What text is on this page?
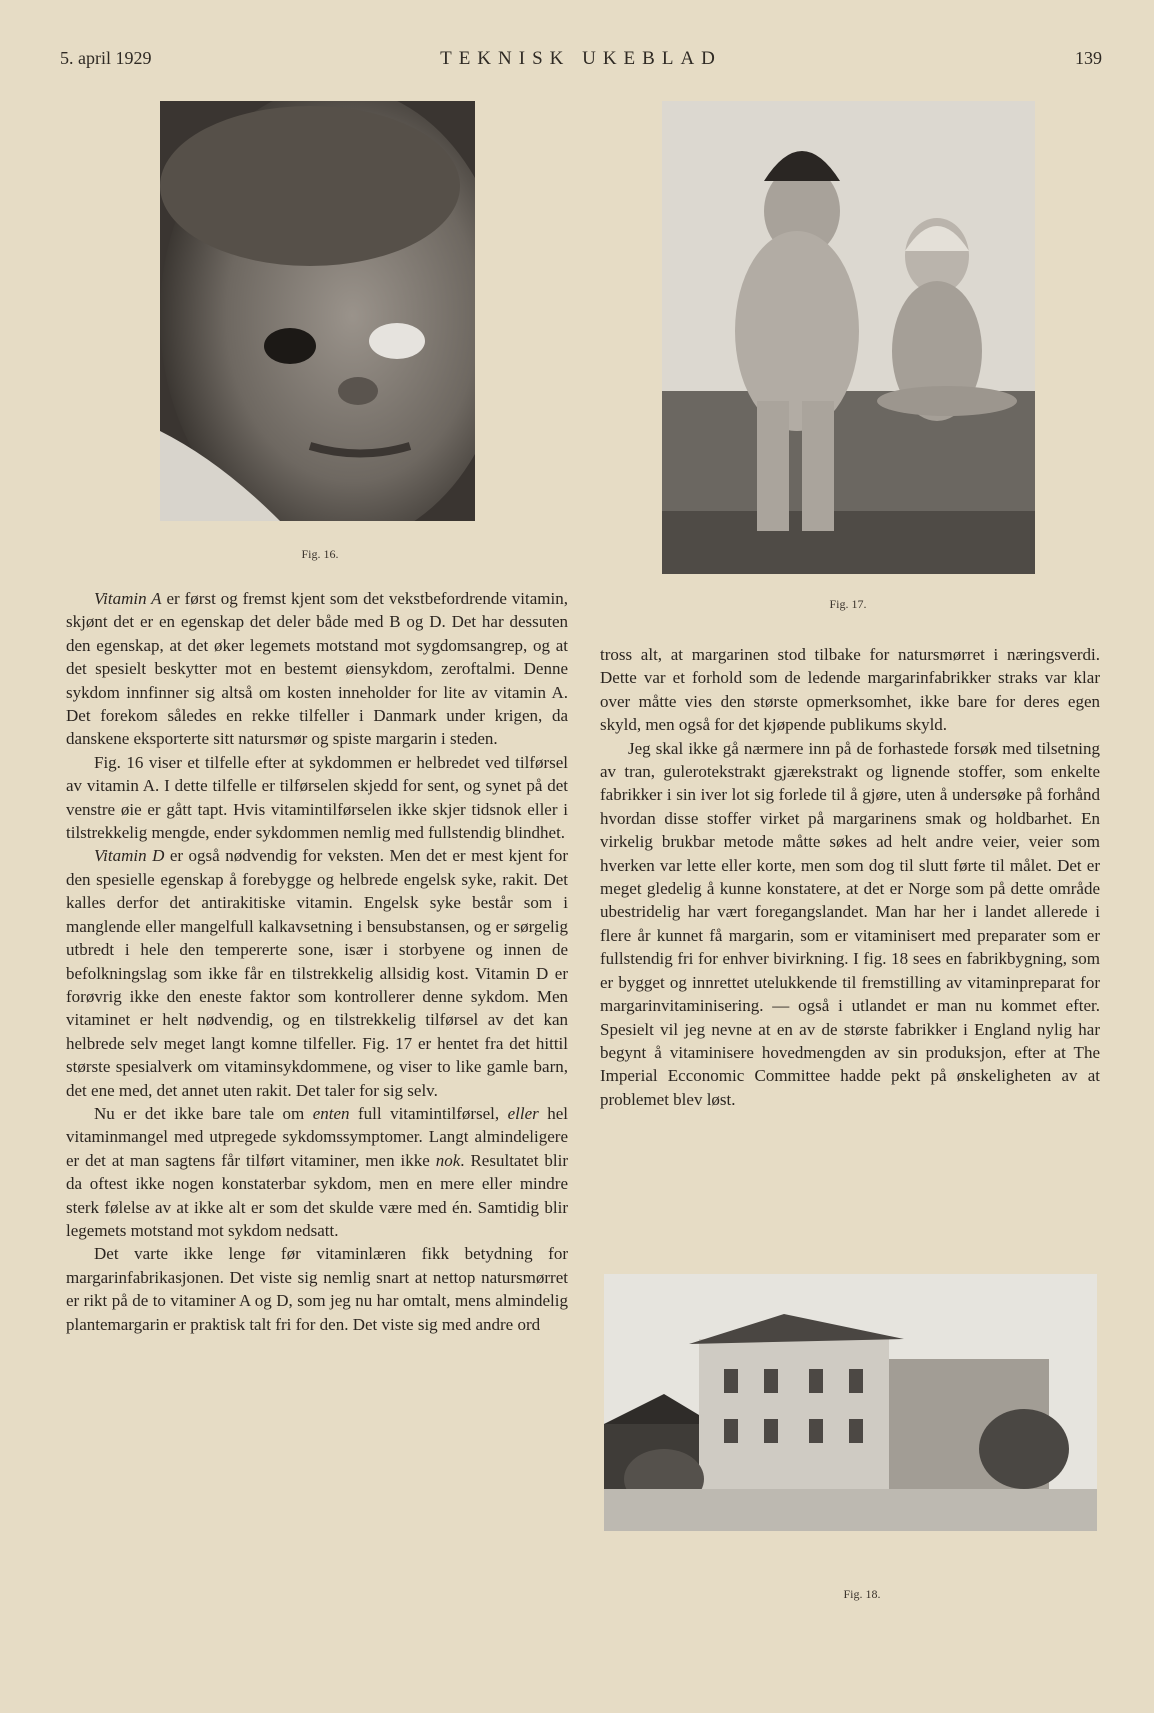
5. april 1929	TEKNISK UKEBLAD	139
Fig. 16.
Fig. 17.
Fig. 18.

Vitamin A er først og fremst kjent som det vekstbefordrende vitamin, skjønt det er en egenskap det deler både med B og D. Det har dessuten den egenskap, at det øker legemets motstand mot sygdomsangrep, og at det spesielt beskytter mot en bestemt øiensykdom, zeroftalmi. Denne sykdom innfinner sig altså om kosten inneholder for lite av vitamin A. Det forekom således en rekke tilfeller i Danmark under krigen, da danskene eksporterte sitt natursmør og spiste margarin i steden.

Fig. 16 viser et tilfelle efter at sykdommen er helbredet ved tilførsel av vitamin A. I dette tilfelle er tilførselen skjedd for sent, og synet på det venstre øie er gått tapt. Hvis vitamintilførselen ikke skjer tidsnok eller i tilstrekkelig mengde, ender sykdommen nemlig med fullstendig blindhet.

Vitamin D er også nødvendig for veksten. Men det er mest kjent for den spesielle egenskap å forebygge og helbrede engelsk syke, rakit. Det kalles derfor det antirakitiske vitamin. Engelsk syke består som i manglende eller mangelfull kalkavsetning i bensubstansen, og er sørgelig utbredt i hele den tempererte sone, især i storbyene og innen de befolkningslag som ikke får en tilstrekkelig allsidig kost. Vitamin D er forøvrig ikke den eneste faktor som kontrollerer denne sykdom. Men vitaminet er helt nødvendig, og en tilstrekkelig tilførsel av det kan helbrede selv meget langt komne tilfeller. Fig. 17 er hentet fra det hittil største spesialverk om vitaminsykdommene, og viser to like gamle barn, det ene med, det annet uten rakit. Det taler for sig selv.

Nu er det ikke bare tale om enten full vitamintilførsel, eller hel vitaminmangel med utpregede sykdomssymptomer. Langt almindeligere er det at man sagtens får tilført vitaminer, men ikke nok. Resultatet blir da oftest ikke nogen konstaterbar sykdom, men en mere eller mindre sterk følelse av at ikke alt er som det skulde være med én. Samtidig blir legemets motstand mot sykdom nedsatt.

Det varte ikke lenge før vitaminlæren fikk betydning for margarinfabrikasjonen. Det viste sig nemlig snart at nettop natursmørret er rikt på de to vitaminer A og D, som jeg nu har omtalt, mens almindelig plantemargarin er praktisk talt fri for den. Det viste sig med andre ord

tross alt, at margarinen stod tilbake for natursmørret i næringsverdi. Dette var et forhold som de ledende margarinfabrikker straks var klar over måtte vies den største opmerksomhet, ikke bare for deres egen skyld, men også for det kjøpende publikums skyld.

Jeg skal ikke gå nærmere inn på de forhastede forsøk med tilsetning av tran, gulerotekstrakt gjærekstrakt og lignende stoffer, som enkelte fabrikker i sin iver lot sig forlede til å gjøre, uten å undersøke på forhånd hvordan disse stoffer virket på margarinens smak og holdbarhet. En virkelig brukbar metode måtte søkes ad helt andre veier, veier som hverken var lette eller korte, men som dog til slutt førte til målet. Det er meget gledelig å kunne konstatere, at det er Norge som på dette område ubestridelig har vært foregangslandet. Man har her i landet allerede i flere år kunnet få margarin, som er vitaminisert med preparater som er fullstendig fri for enhver bivirkning. I fig. 18 sees en fabrikbygning, som er bygget og innrettet utelukkende til fremstilling av vitaminpreparat for margarinvitaminisering. — også i utlandet er man nu kommet efter. Spesielt vil jeg nevne at en av de største fabrikker i England nylig har begynt å vitaminisere hovedmengden av sin produksjon, efter at The Imperial Ecconomic Committee hadde pekt på ønskeligheten av at problemet blev løst.
